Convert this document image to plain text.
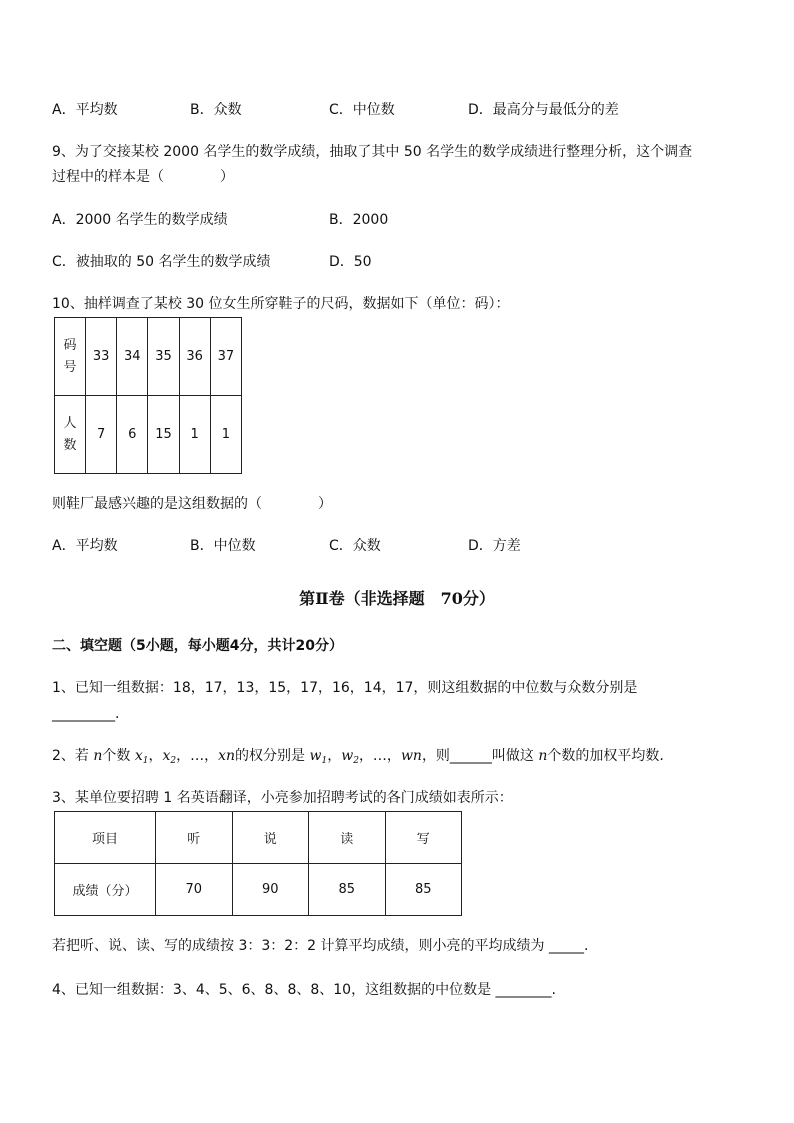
A．平均数	B．众数	C．中位数	D．最高分与最低分的差
9、为了交接某校 2000 名学生的数学成绩，抽取了其中 50 名学生的数学成绩进行整理分析，这个调查
过程中的样本是（　　　　）
A．2000 名学生的数学成绩	B．2000
C．被抽取的 50 名学生的数学成绩	D．50
10、抽样调查了某校 30 位女生所穿鞋子的尺码，数据如下（单位：码）：
码号	33	34	35	36	37

人数	7	6	15	1	1
则鞋厂最感兴趣的是这组数据的（　　　　）
A．平均数	B．中位数	C．众数	D．方差
第Ⅱ卷（非选择题　70分）
二、填空题（5小题，每小题4分，共计20分）
1、已知一组数据：18，17，13，15，17，16，14，17，则这组数据的中位数与众数分别是
_________.
2、若 n个数 $x_1$，$x_2$，…，xn的权分别是 $w_1$，$w_2$，…，wn，则______叫做这 n个数的加权平均数.
3、某单位要招聘 1 名英语翻译，小亮参加招聘考试的各门成绩如表所示：
项目	听	说	读	写
成绩（分）	70	90	85	85
若把听、说、读、写的成绩按 3：3：2：2 计算平均成绩，则小亮的平均成绩为 _____.
4、已知一组数据：3、4、5、6、8、8、8、10，这组数据的中位数是 ________.
